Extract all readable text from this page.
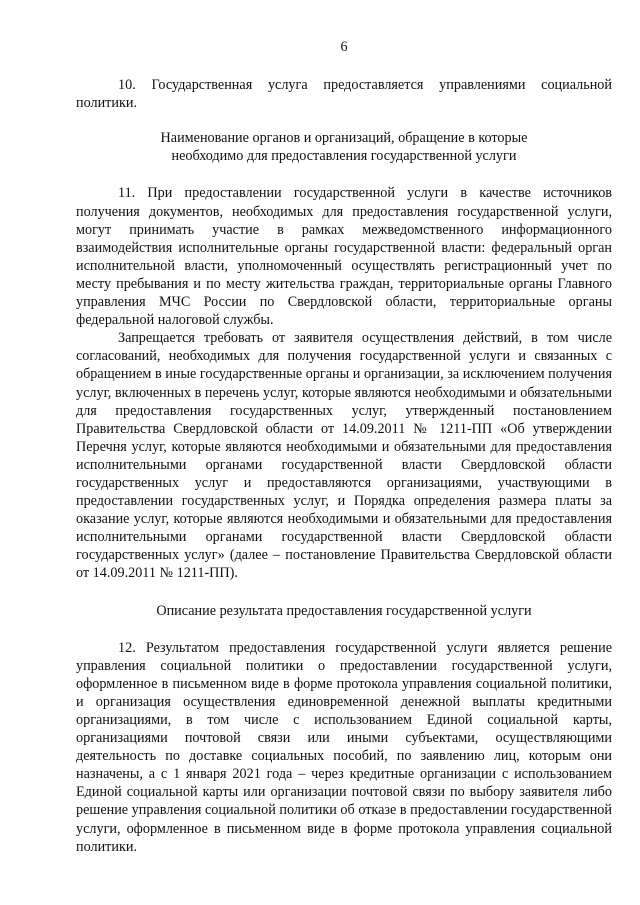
6

10. Государственная услуга предоставляется управлениями социальной политики.

Наименование органов и организаций, обращение в которые
необходимо для предоставления государственной услуги

11. При предоставлении государственной услуги в качестве источников получения документов, необходимых для предоставления государственной услуги, могут принимать участие в рамках межведомственного информационного взаимодействия исполнительные органы государственной власти: федеральный орган исполнительной власти, уполномоченный осуществлять регистрационный учет по месту пребывания и по месту жительства граждан, территориальные органы Главного управления МЧС России по Свердловской области, территориальные органы федеральной налоговой службы.

Запрещается требовать от заявителя осуществления действий, в том числе согласований, необходимых для получения государственной услуги и связанных с обращением в иные государственные органы и организации, за исключением получения услуг, включенных в перечень услуг, которые являются необходимыми и обязательными для предоставления государственных услуг, утвержденный постановлением Правительства Свердловской области от 14.09.2011 № 1211-ПП «Об утверждении Перечня услуг, которые являются необходимыми и обязательными для предоставления исполнительными органами государственной власти Свердловской области государственных услуг и предоставляются организациями, участвующими в предоставлении государственных услуг, и Порядка определения размера платы за оказание услуг, которые являются необходимыми и обязательными для предоставления исполнительными органами государственной власти Свердловской области государственных услуг» (далее – постановление Правительства Свердловской области от 14.09.2011 № 1211-ПП).

Описание результата предоставления государственной услуги

12. Результатом предоставления государственной услуги является решение управления социальной политики о предоставлении государственной услуги, оформленное в письменном виде в форме протокола управления социальной политики, и организация осуществления единовременной денежной выплаты кредитными организациями, в том числе с использованием Единой социальной карты, организациями почтовой связи или иными субъектами, осуществляющими деятельность по доставке социальных пособий, по заявлению лиц, которым они назначены, а с 1 января 2021 года – через кредитные организации с использованием Единой социальной карты или организации почтовой связи по выбору заявителя либо решение управления социальной политики об отказе в предоставлении государственной услуги, оформленное в письменном виде в форме протокола управления социальной политики.
